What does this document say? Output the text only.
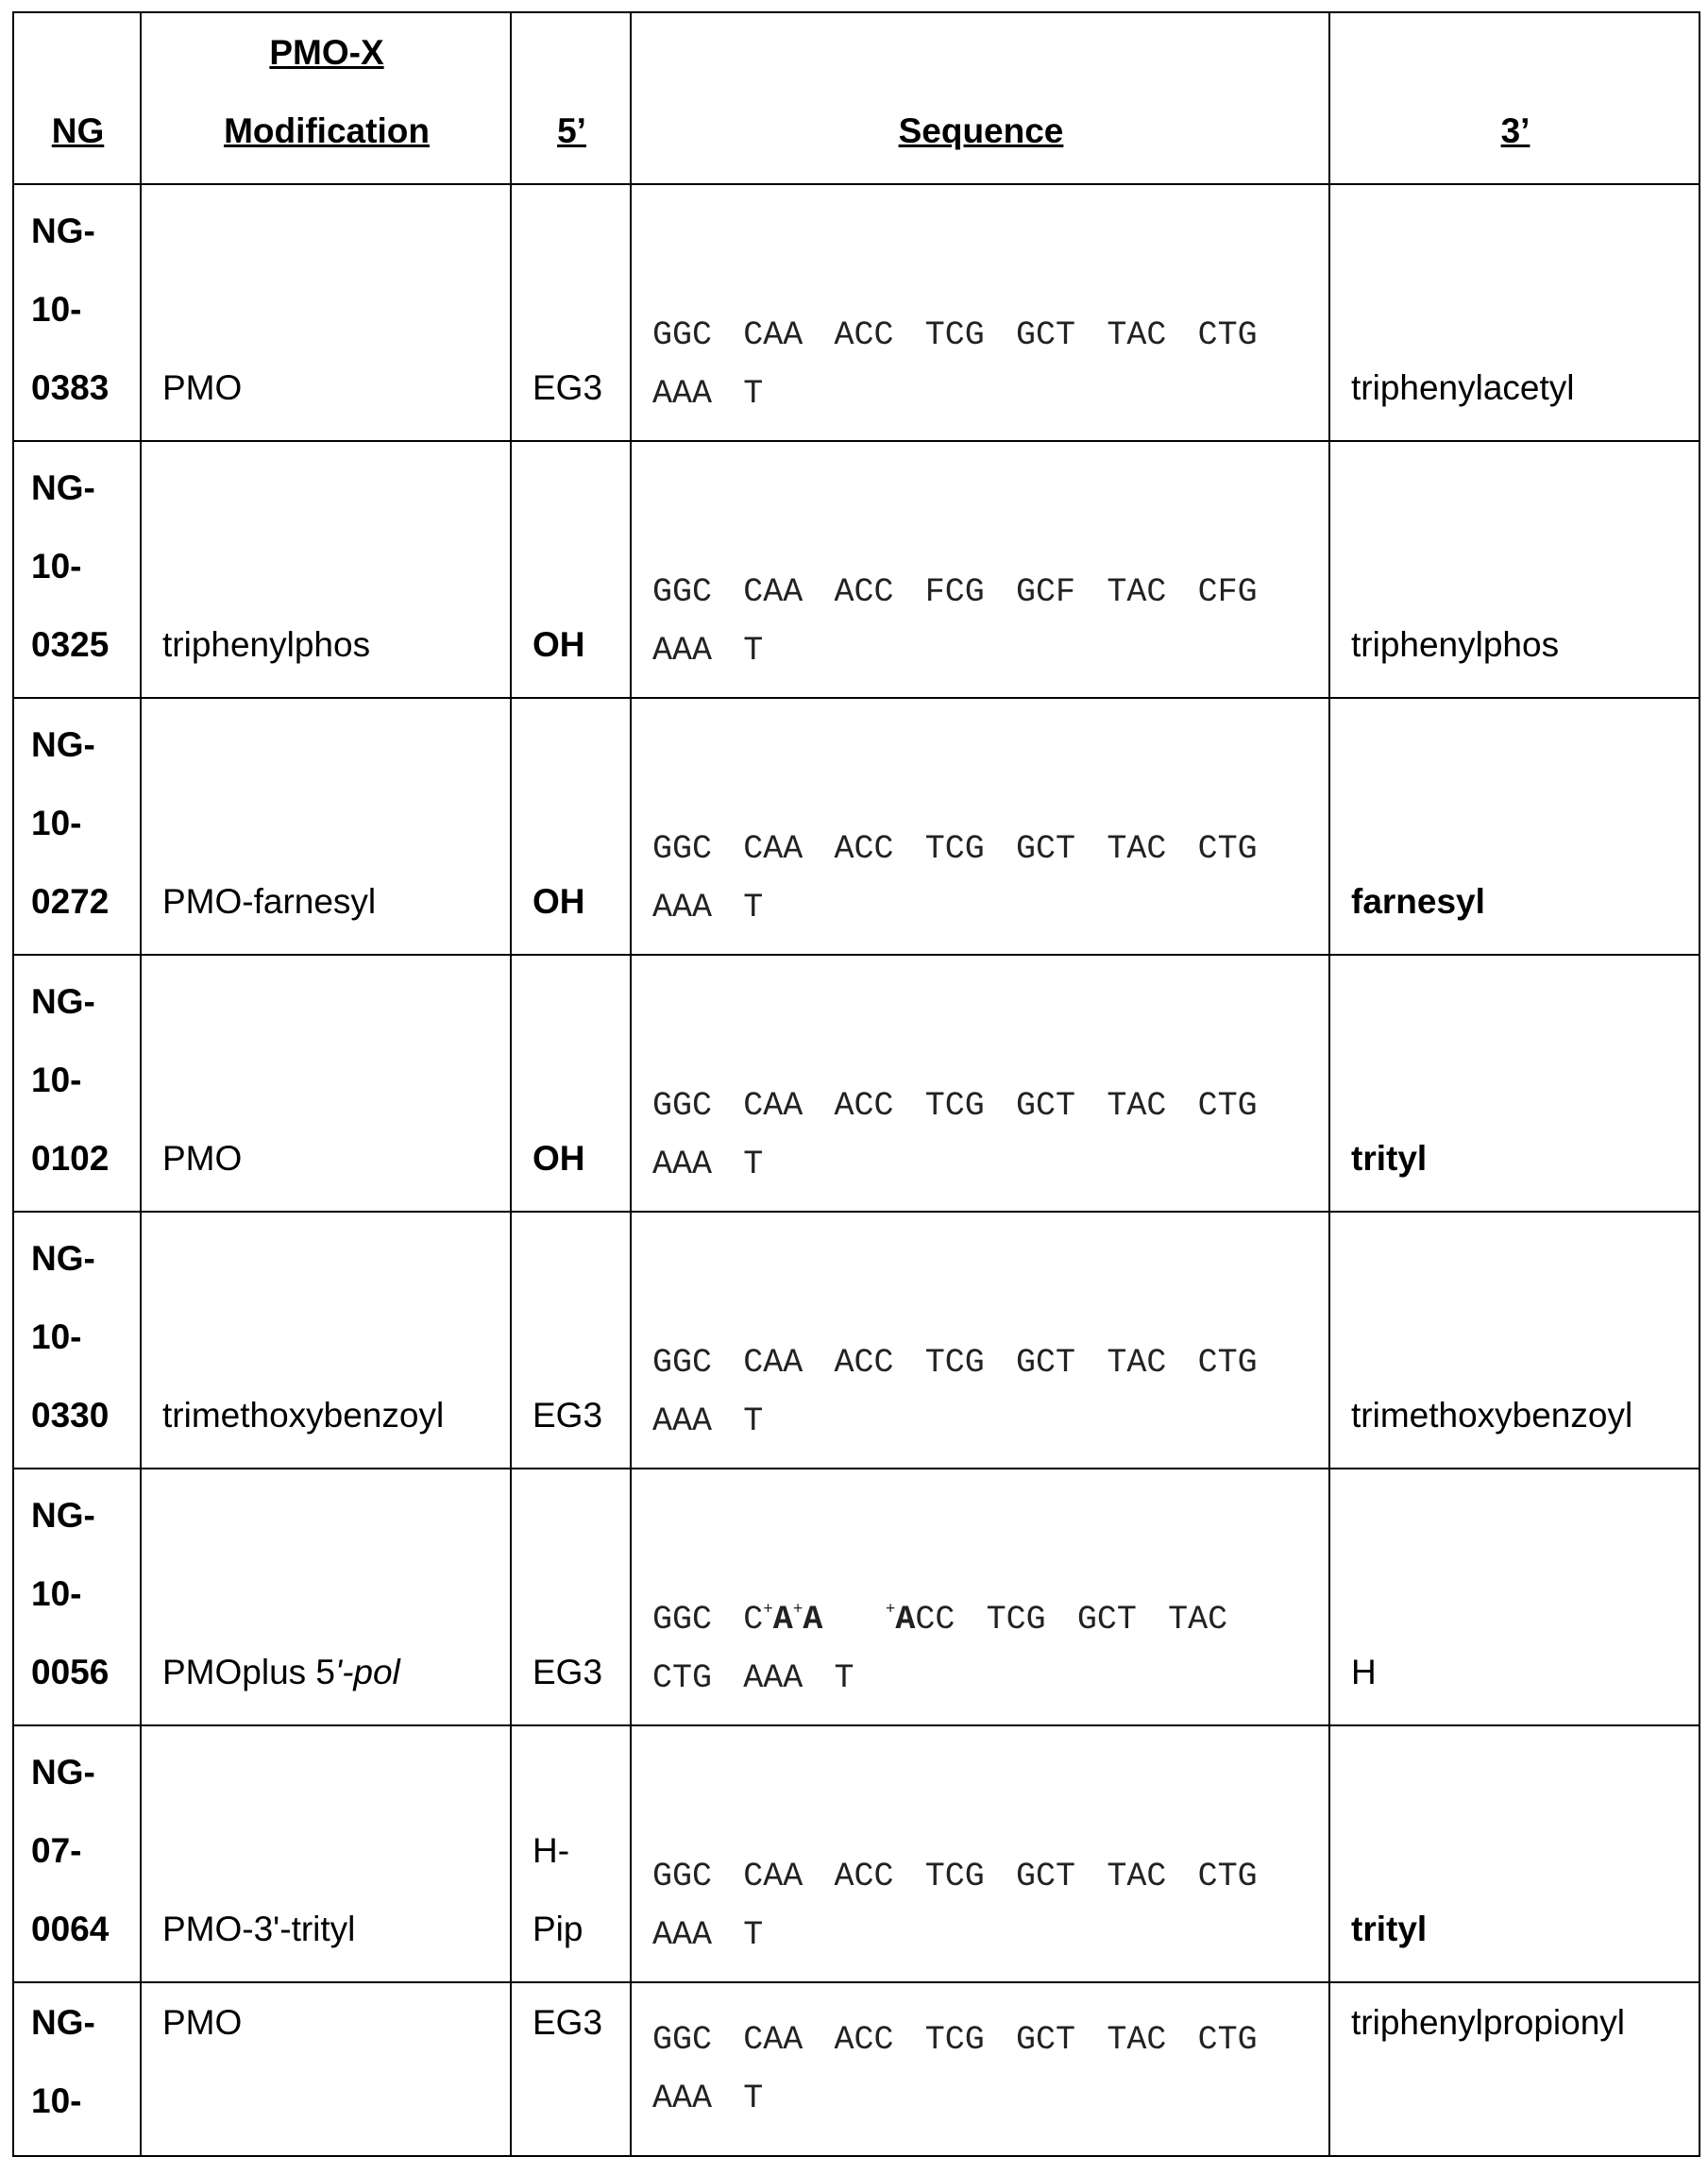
NG	PMO-X Modification	5’	Sequence	3’
NG-10-0383	PMO	EG3	GGC CAA ACC TCG GCT TAC CTG AAA T	triphenylacetyl
NG-10-0325	triphenylphos	OH	GGC CAA ACC FCG GCF TAC CFG AAA T	triphenylphos
NG-10-0272	PMO-farnesyl	OH	GGC CAA ACC TCG GCT TAC CTG AAA T	farnesyl
NG-10-0102	PMO	OH	GGC CAA ACC TCG GCT TAC CTG AAA T	trityl
NG-10-0330	trimethoxybenzoyl	EG3	GGC CAA ACC TCG GCT TAC CTG AAA T	trimethoxybenzoyl
NG-10-0056	PMOplus 5'-pol	EG3	GGC C+A+A	+ACC TCG GCT TAC CTG AAA T	H
NG-07-0064	PMO-3'-trityl	H-Pip	GGC CAA ACC TCG GCT TAC CTG AAA T	trityl
NG-10-	PMO	EG3	GGC CAA ACC TCG GCT TAC CTG AAA T	triphenylpropionyl
